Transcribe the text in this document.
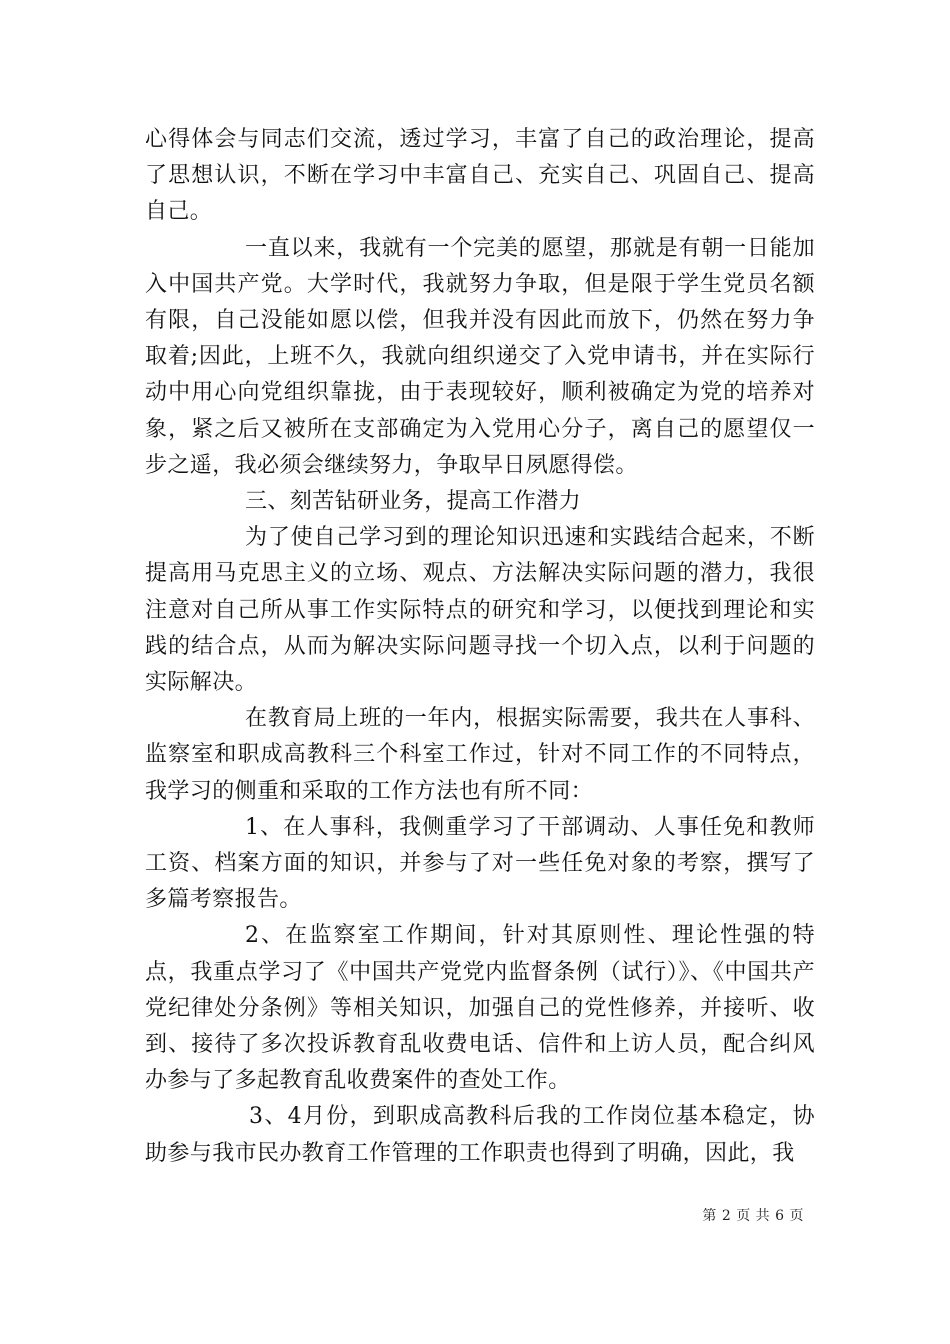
心得体会与同志们交流，透过学习，丰富了自己的政治理论，提高了思想认识，不断在学习中丰富自己、充实自己、巩固自己、提高自己。

一直以来，我就有一个完美的愿望，那就是有朝一日能加入中国共产党。大学时代，我就努力争取，但是限于学生党员名额有限，自己没能如愿以偿，但我并没有因此而放下，仍然在努力争取着;因此，上班不久，我就向组织递交了入党申请书，并在实际行动中用心向党组织靠拢，由于表现较好，顺利被确定为党的培养对象，紧之后又被所在支部确定为入党用心分子，离自己的愿望仅一步之遥，我必须会继续努力，争取早日夙愿得偿。

三、刻苦钻研业务，提高工作潜力

为了使自己学习到的理论知识迅速和实践结合起来，不断提高用马克思主义的立场、观点、方法解决实际问题的潜力，我很注意对自己所从事工作实际特点的研究和学习，以便找到理论和实践的结合点，从而为解决实际问题寻找一个切入点，以利于问题的实际解决。

在教育局上班的一年内，根据实际需要，我共在人事科、监察室和职成高教科三个科室工作过，针对不同工作的不同特点，我学习的侧重和采取的工作方法也有所不同：

1、在人事科，我侧重学习了干部调动、人事任免和教师工资、档案方面的知识，并参与了对一些任免对象的考察，撰写了多篇考察报告。

2、在监察室工作期间，针对其原则性、理论性强的特点，我重点学习了《中国共产党党内监督条例（试行）》、《中国共产党纪律处分条例》等相关知识，加强自己的党性修养，并接听、收到、接待了多次投诉教育乱收费电话、信件和上访人员，配合纠风办参与了多起教育乱收费案件的查处工作。

3、4月份，到职成高教科后我的工作岗位基本稳定，协助参与我市民办教育工作管理的工作职责也得到了明确，因此，我

第 2 页 共 6 页
